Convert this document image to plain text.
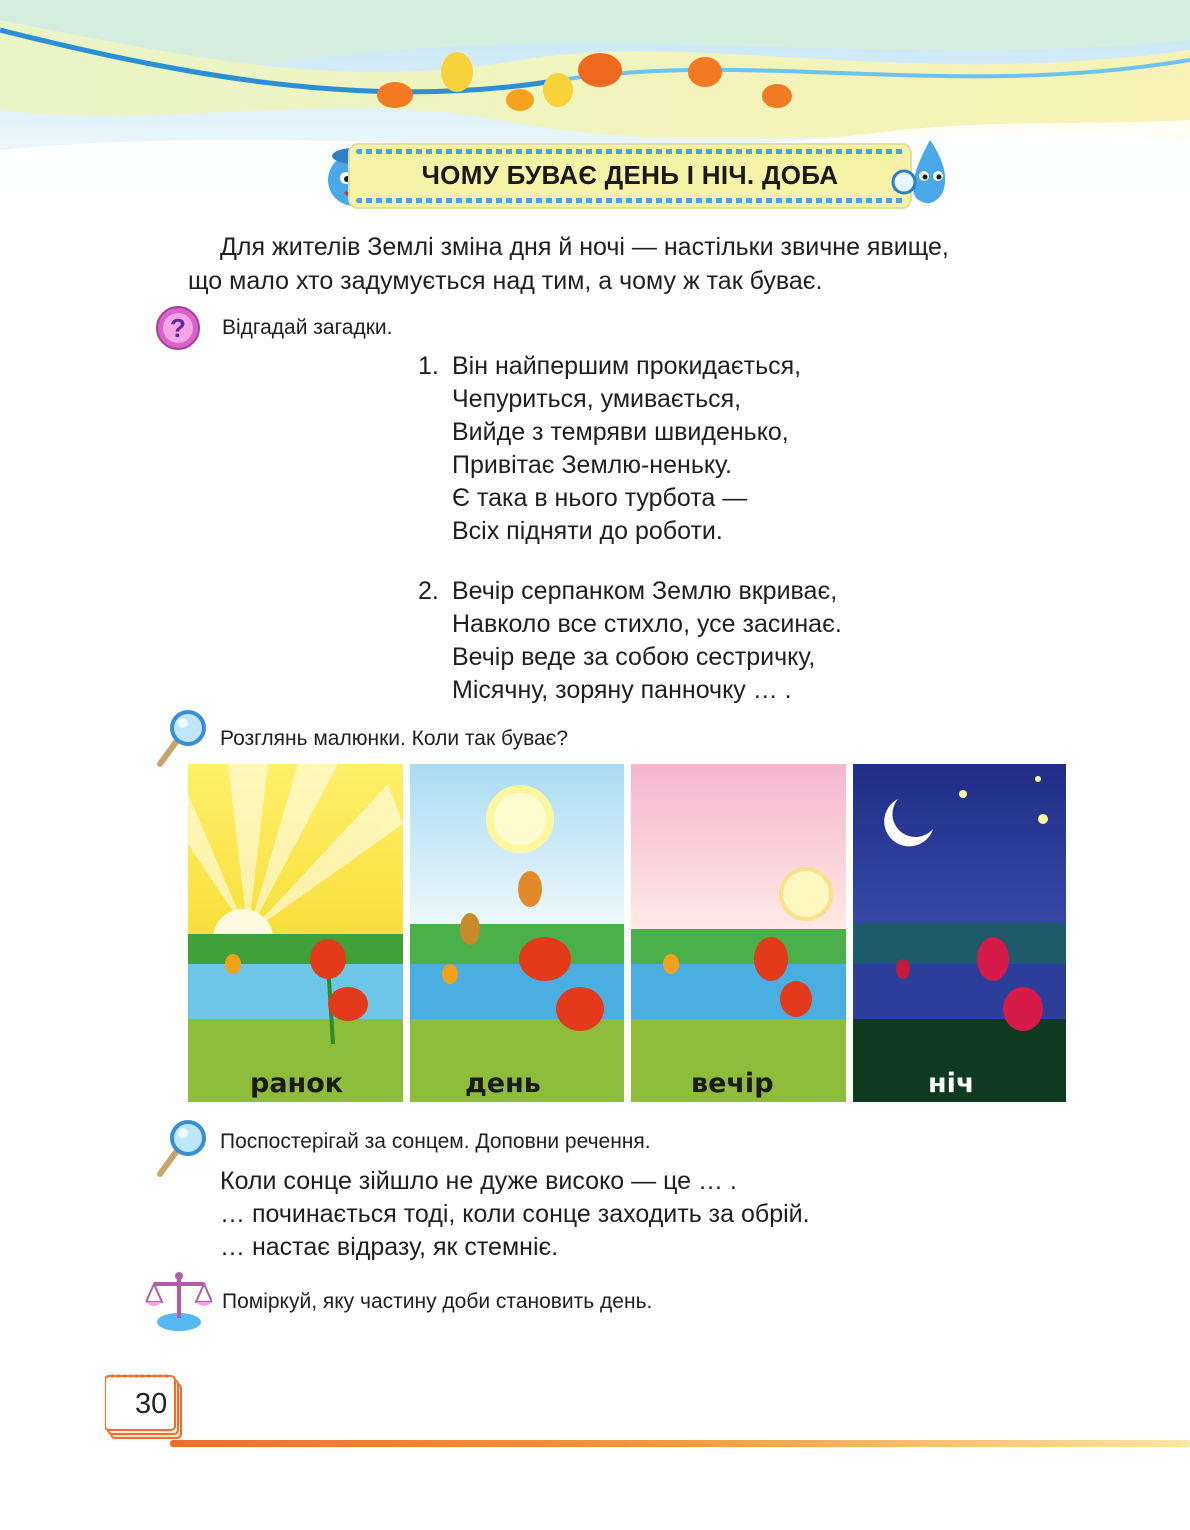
ЧОМУ БУВАЄ ДЕНЬ І НІЧ. ДОБА
Для жителів Землі зміна дня й ночі — настільки звичне явище,
що мало хто задумується над тим, а чому ж так буває.
? Відгадай загадки.
1. Він найпершим прокидається,
Чепуриться, умивається,
Вийде з темряви швиденько,
Привітає Землю-неньку.
Є така в нього турбота —
Всіх підняти до роботи.
2. Вечір серпанком Землю вкриває,
Навколо все стихло, усе засинає.
Вечір веде за собою сестричку,
Місячну, зоряну панночку … .
Розглянь малюнки. Коли так буває?
ранок	день	вечір	ніч
Поспостерігай за сонцем. Доповни речення.
Коли сонце зійшло не дуже високо — це … .
… починається тоді, коли сонце заходить за обрій.
… настає відразу, як стемніє.
Поміркуй, яку частину доби становить день.
30
